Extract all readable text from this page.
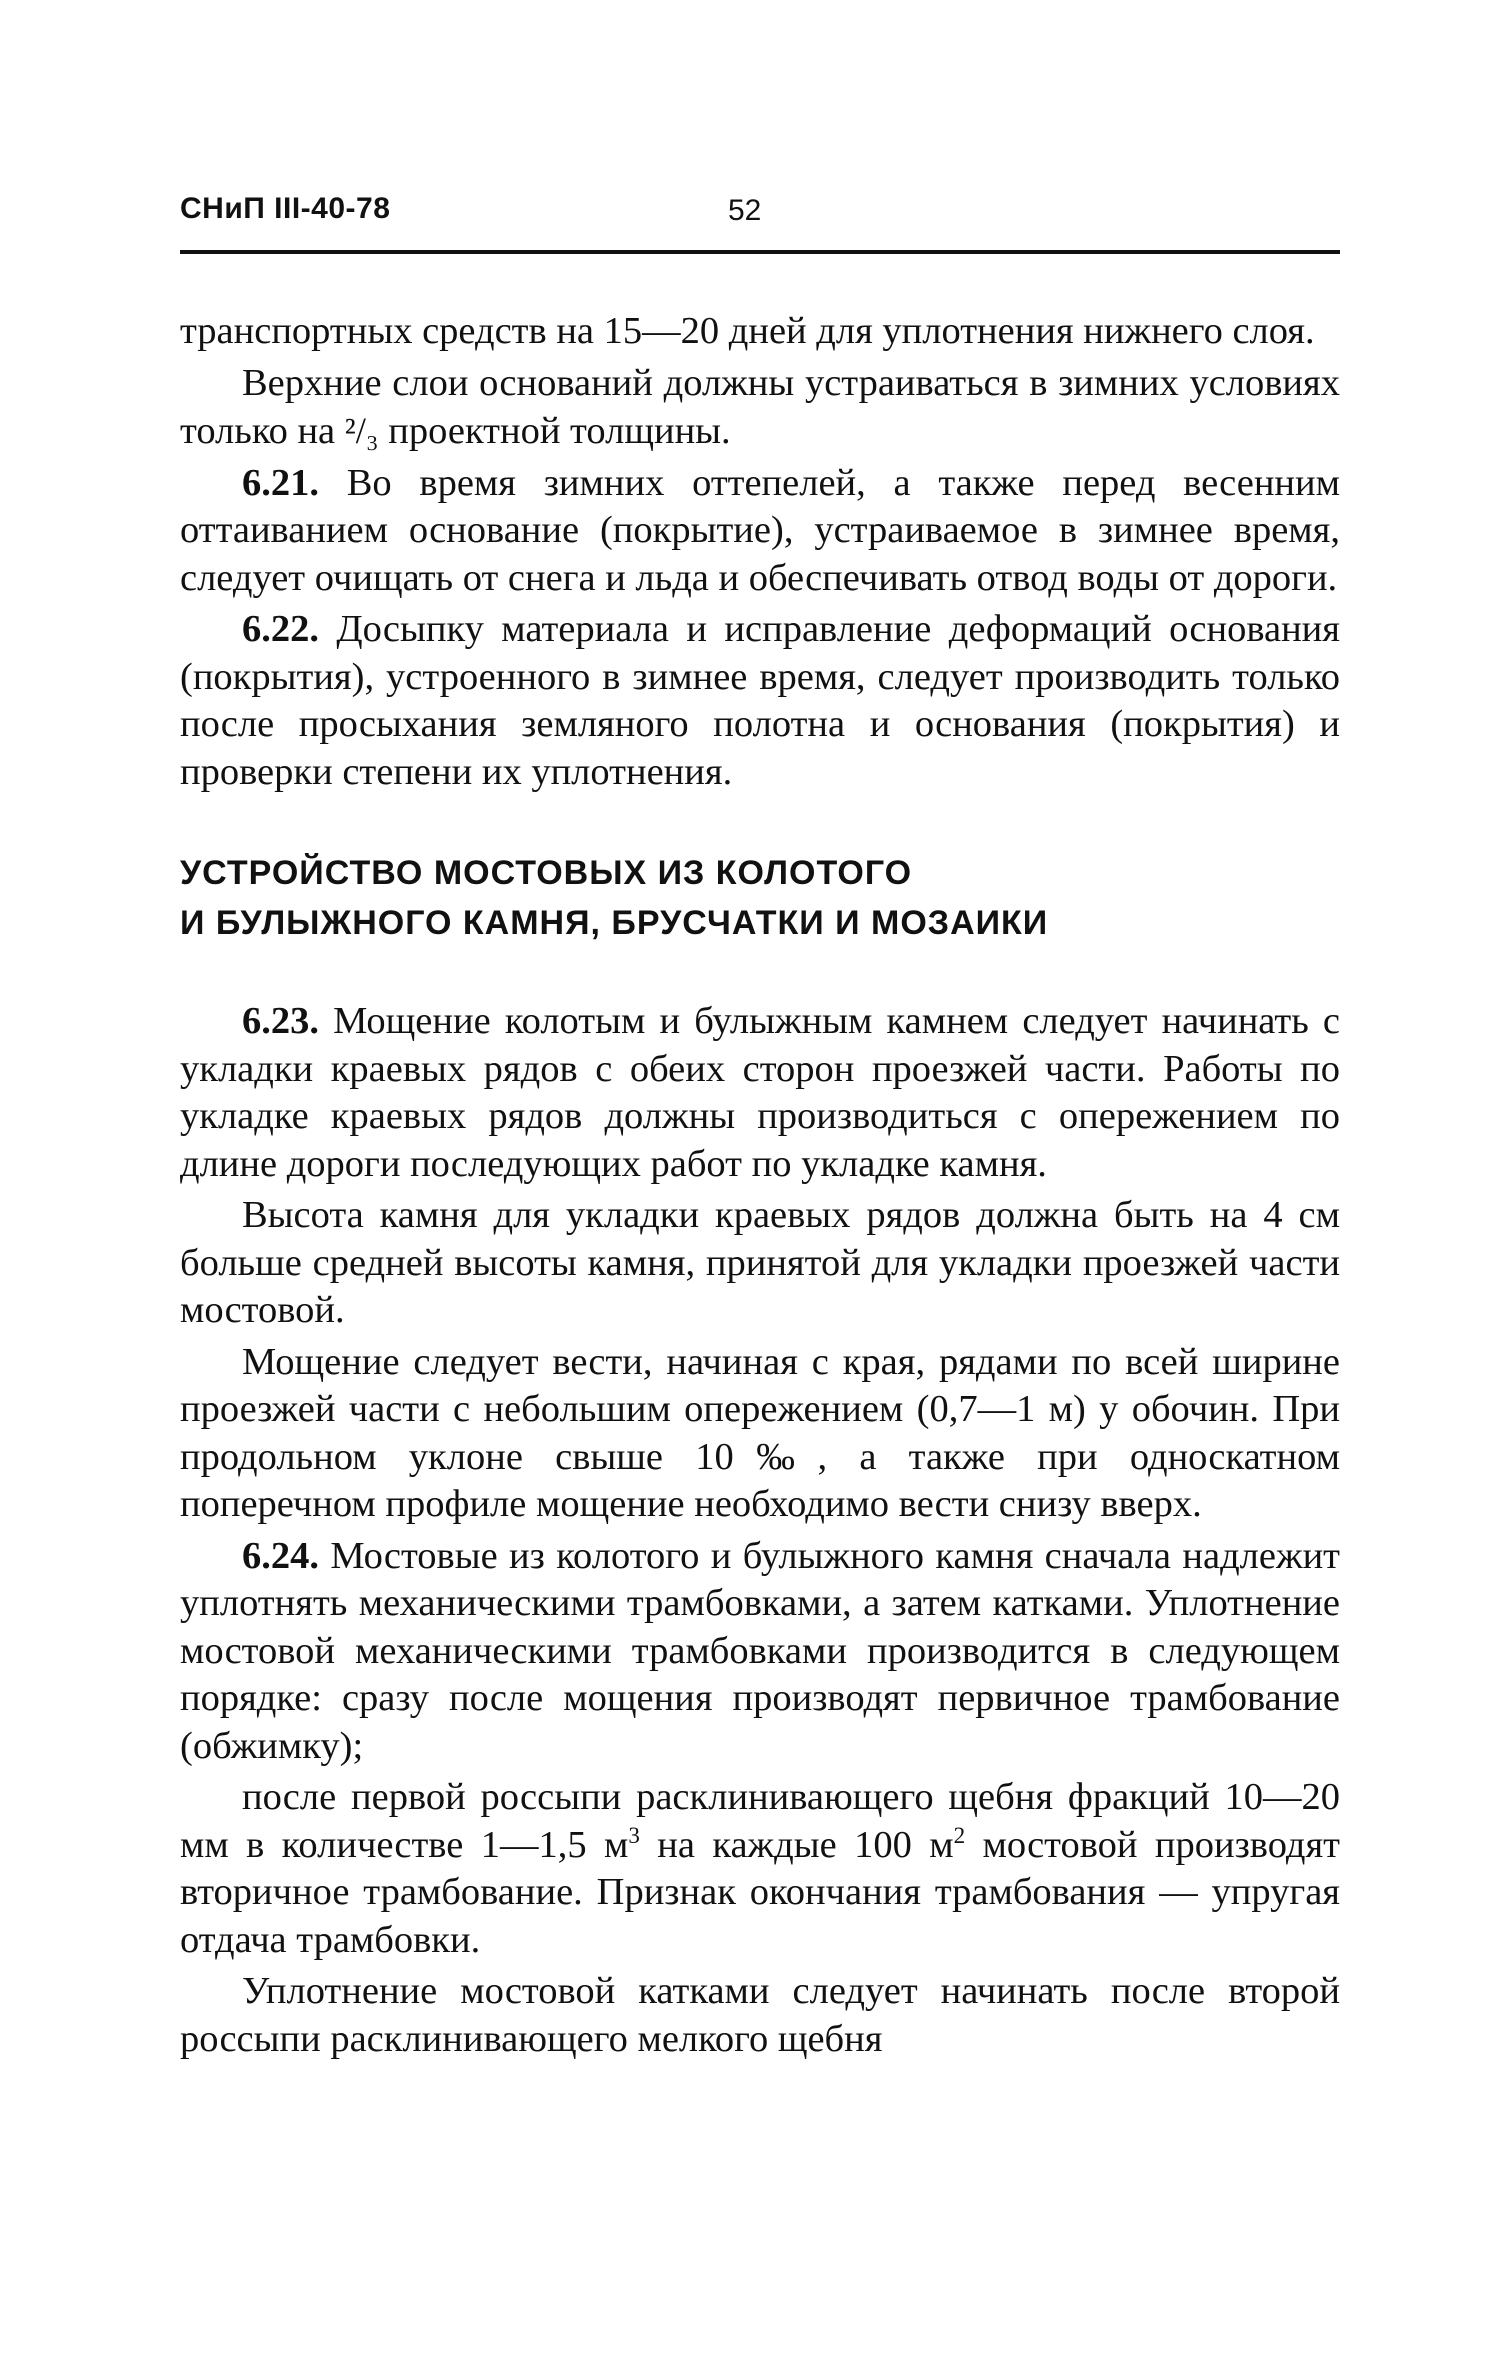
СНиП III-40-78	52

транспортных средств на 15—20 дней для уплотнения нижнего слоя.

Верхние слои оснований должны устраиваться в зимних условиях только на ²/₃ проектной толщины.

6.21. Во время зимних оттепелей, а также перед весенним оттаиванием основание (покрытие), устраиваемое в зимнее время, следует очищать от снега и льда и обеспечивать отвод воды от дороги.

6.22. Досыпку материала и исправление деформаций основания (покрытия), устроенного в зимнее время, следует производить только после просыхания земляного полотна и основания (покрытия) и проверки степени их уплотнения.

УСТРОЙСТВО МОСТОВЫХ ИЗ КОЛОТОГО
И БУЛЫЖНОГО КАМНЯ, БРУСЧАТКИ И МОЗАИКИ

6.23. Мощение колотым и булыжным камнем следует начинать с укладки краевых рядов с обеих сторон проезжей части. Работы по укладке краевых рядов должны производиться с опережением по длине дороги последующих работ по укладке камня.

Высота камня для укладки краевых рядов должна быть на 4 см больше средней высоты камня, принятой для укладки проезжей части мостовой.

Мощение следует вести, начиная с края, рядами по всей ширине проезжей части с небольшим опережением (0,7—1 м) у обочин. При продольном уклоне свыше 10‰, а также при односкатном поперечном профиле мощение необходимо вести снизу вверх.

6.24. Мостовые из колотого и булыжного камня сначала надлежит уплотнять механическими трамбовками, а затем катками. Уплотнение мостовой механическими трамбовками производится в следующем порядке: сразу после мощения производят первичное трамбование (обжимку);

после первой россыпи расклинивающего щебня фракций 10—20 мм в количестве 1—1,5 $м^3$ на каждые 100 $м^2$ мостовой производят вторичное трамбование. Признак окончания трамбования — упругая отдача трамбовки.

Уплотнение мостовой катками следует начинать после второй россыпи расклинивающего мелкого щебня
